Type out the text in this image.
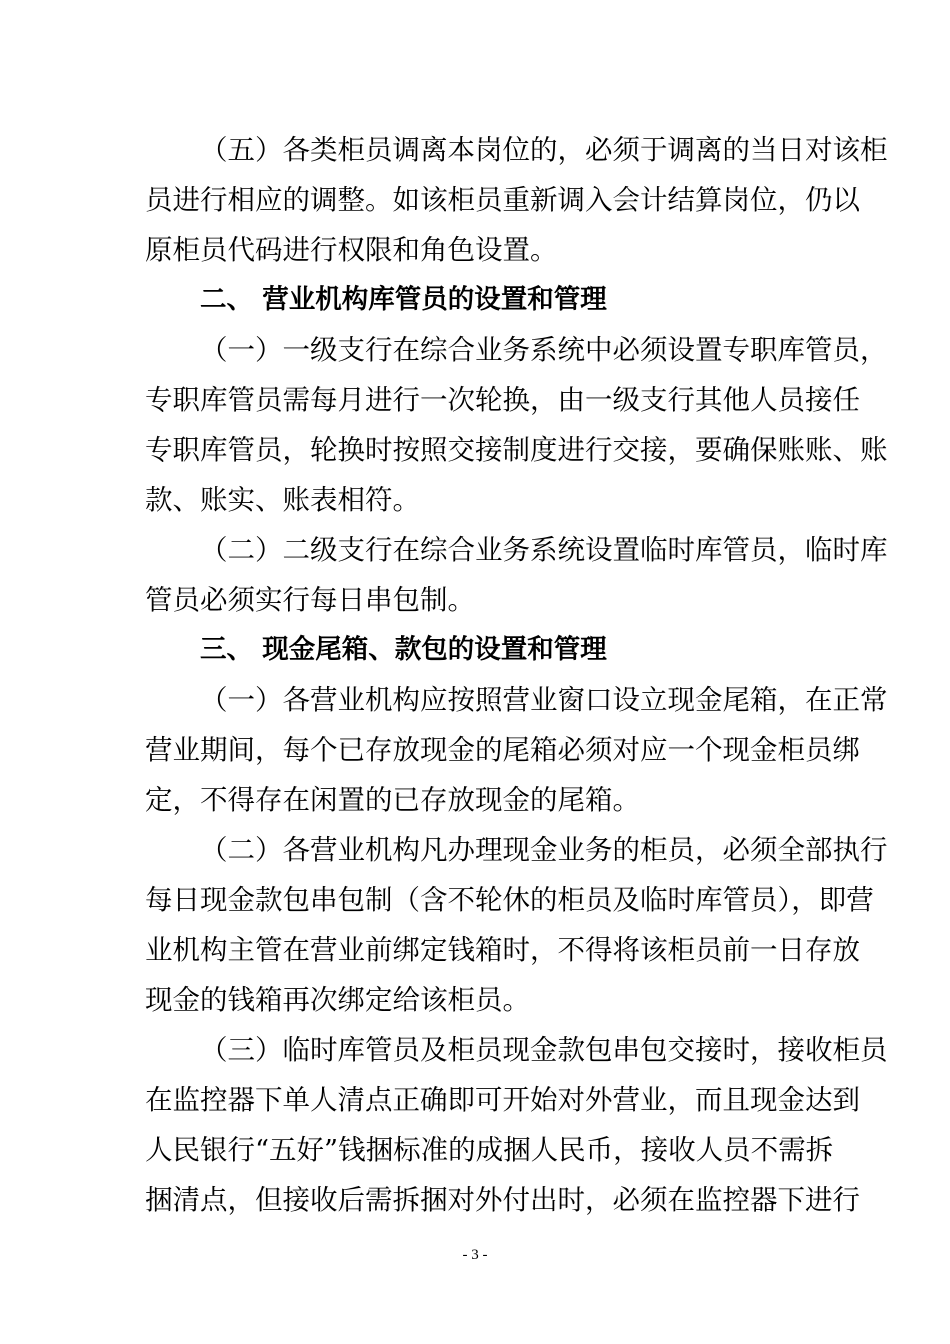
（五）各类柜员调离本岗位的，必须于调离的当日对该柜
员进行相应的调整。如该柜员重新调入会计结算岗位，仍以
原柜员代码进行权限和角色设置。
二、 营业机构库管员的设置和管理
（一）一级支行在综合业务系统中必须设置专职库管员，
专职库管员需每月进行一次轮换，由一级支行其他人员接任
专职库管员，轮换时按照交接制度进行交接，要确保账账、账
款、账实、账表相符。
（二）二级支行在综合业务系统设置临时库管员，临时库
管员必须实行每日串包制。
三、 现金尾箱、款包的设置和管理
（一）各营业机构应按照营业窗口设立现金尾箱，在正常
营业期间，每个已存放现金的尾箱必须对应一个现金柜员绑
定，不得存在闲置的已存放现金的尾箱。
（二）各营业机构凡办理现金业务的柜员，必须全部执行
每日现金款包串包制（含不轮休的柜员及临时库管员），即营
业机构主管在营业前绑定钱箱时，不得将该柜员前一日存放
现金的钱箱再次绑定给该柜员。
（三）临时库管员及柜员现金款包串包交接时，接收柜员
在监控器下单人清点正确即可开始对外营业，而且现金达到
人民银行“五好”钱捆标准的成捆人民币，接收人员不需拆
捆清点，但接收后需拆捆对外付出时，必须在监控器下进行
- 3 -
